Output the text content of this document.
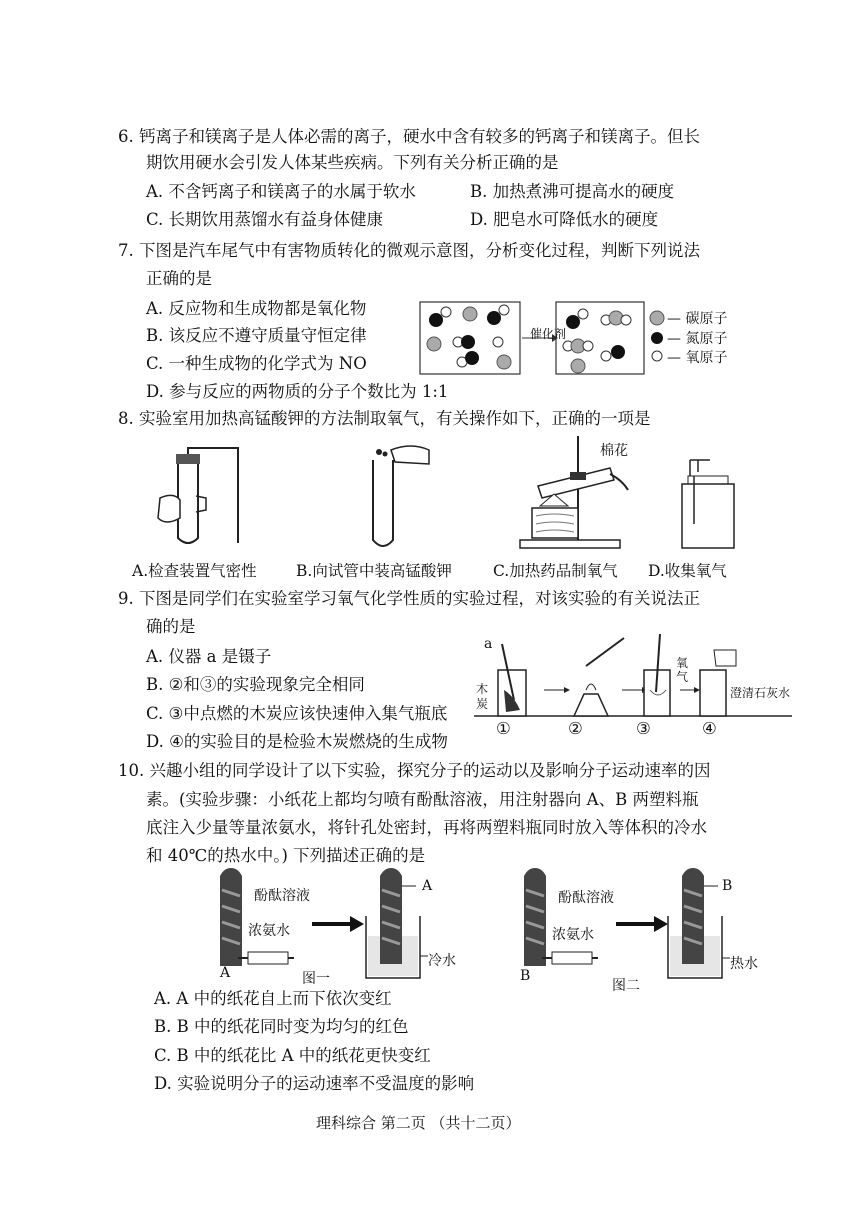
6. 钙离子和镁离子是人体必需的离子，硬水中含有较多的钙离子和镁离子。但长
期饮用硬水会引发人体某些疾病。下列有关分析正确的是
A. 不含钙离子和镁离子的水属于软水	B. 加热煮沸可提高水的硬度
C. 长期饮用蒸馏水有益身体健康	D. 肥皂水可降低水的硬度
7. 下图是汽车尾气中有害物质转化的微观示意图，分析变化过程，判断下列说法
正确的是
A. 反应物和生成物都是氧化物
B. 该反应不遵守质量守恒定律
C. 一种生成物的化学式为 NO
D. 参与反应的两物质的分子个数比为 1:1
催化剂
— 碳原子
— 氮原子
— 氧原子
8. 实验室用加热高锰酸钾的方法制取氧气，有关操作如下，正确的一项是
棉花
A.检查装置气密性	B.向试管中装高锰酸钾	C.加热药品制氧气 D.收集氧气
9. 下图是同学们在实验室学习氧气化学性质的实验过程，对该实验的有关说法正
确的是
A. 仪器 a 是镊子
B. ②和③的实验现象完全相同
C. ③中点燃的木炭应该快速伸入集气瓶底
D. ④的实验目的是检验木炭燃烧的生成物
a
木
炭
氧
气
澄清石灰水
①	②	③	④
10. 兴趣小组的同学设计了以下实验，探究分子的运动以及影响分子运动速率的因
素。(实验步骤：小纸花上都均匀喷有酚酞溶液，用注射器向 A、B 两塑料瓶
底注入少量等量浓氨水，将针孔处密封，再将两塑料瓶同时放入等体积的冷水
和 40℃的热水中。) 下列描述正确的是
酚酞溶液
浓氨水
A
冷水
A	图一
酚酞溶液
浓氨水
B
热水
B
图二
A. A 中的纸花自上而下依次变红
B. B 中的纸花同时变为均匀的红色
C. B 中的纸花比 A 中的纸花更快变红
D. 实验说明分子的运动速率不受温度的影响
理科综合 第二页 （共十二页）
